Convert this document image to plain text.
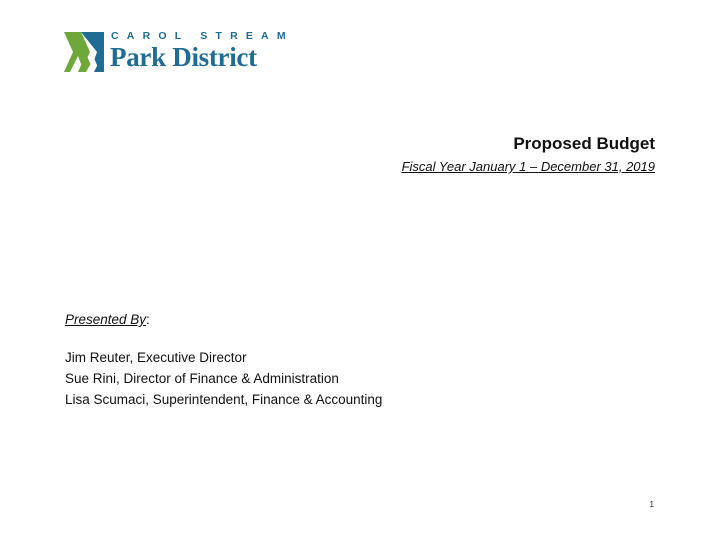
CAROL STREAM
Park District
Proposed Budget
Fiscal Year January 1 – December 31, 2019
Presented By:
Jim Reuter, Executive Director
Sue Rini, Director of Finance & Administration
Lisa Scumaci, Superintendent, Finance & Accounting
1
